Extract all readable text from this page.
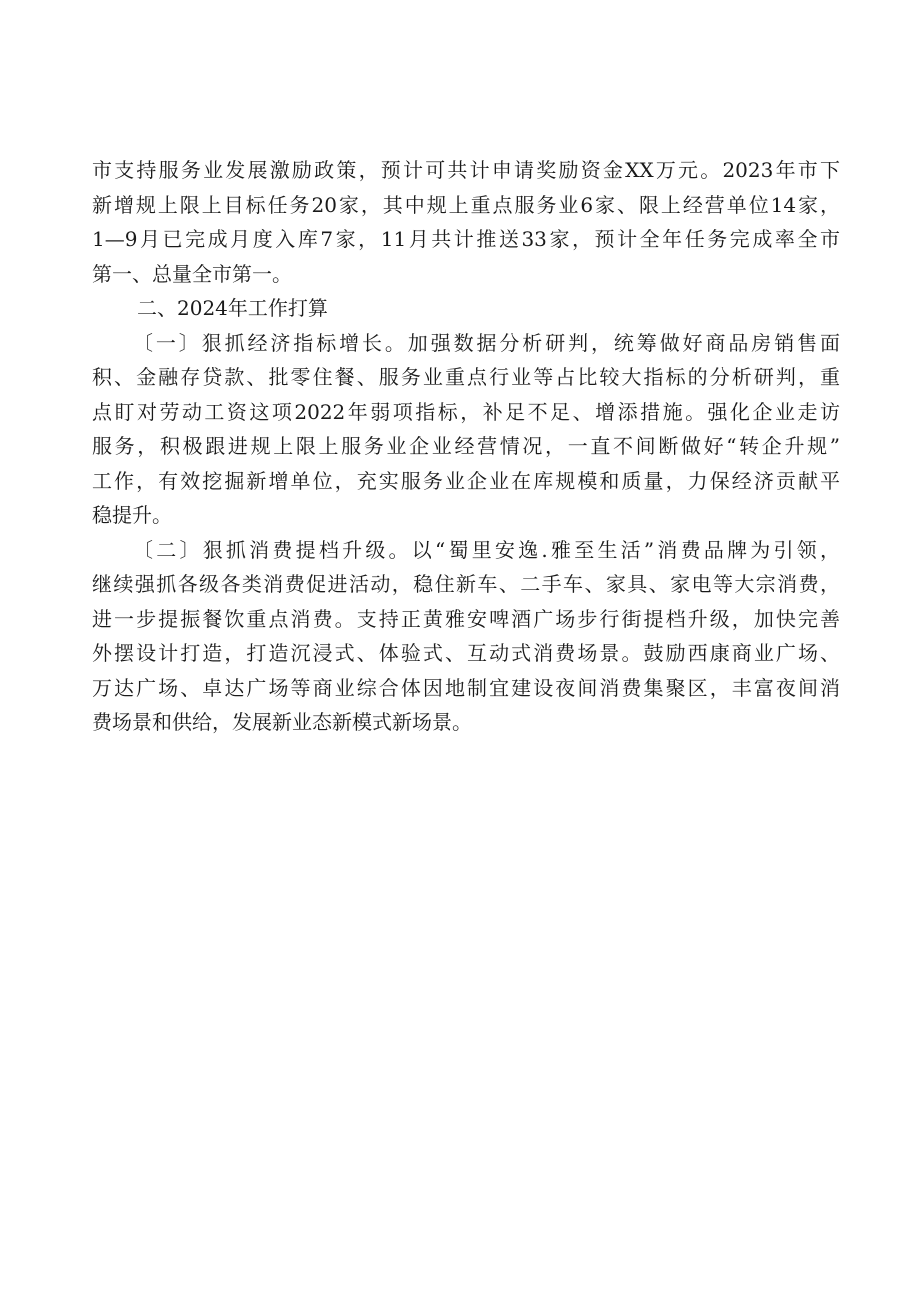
市支持服务业发展激励政策，预计可共计申请奖励资金XX万元。2023年市下
新增规上限上目标任务20家，其中规上重点服务业6家、限上经营单位14家，
1—9月已完成月度入库7家，11月共计推送33家，预计全年任务完成率全市
第一、总量全市第一。
二、2024年工作打算
〔一〕狠抓经济指标增长。加强数据分析研判，统筹做好商品房销售面
积、金融存贷款、批零住餐、服务业重点行业等占比较大指标的分析研判，重
点盯对劳动工资这项2022年弱项指标，补足不足、增添措施。强化企业走访
服务，积极跟进规上限上服务业企业经营情况，一直不间断做好“转企升规”
工作，有效挖掘新增单位，充实服务业企业在库规模和质量，力保经济贡献平
稳提升。
〔二〕狠抓消费提档升级。以“蜀里安逸.雅至生活”消费品牌为引领，
继续强抓各级各类消费促进活动，稳住新车、二手车、家具、家电等大宗消费，
进一步提振餐饮重点消费。支持正黄雅安啤酒广场步行街提档升级，加快完善
外摆设计打造，打造沉浸式、体验式、互动式消费场景。鼓励西康商业广场、
万达广场、卓达广场等商业综合体因地制宜建设夜间消费集聚区，丰富夜间消
费场景和供给，发展新业态新模式新场景。
